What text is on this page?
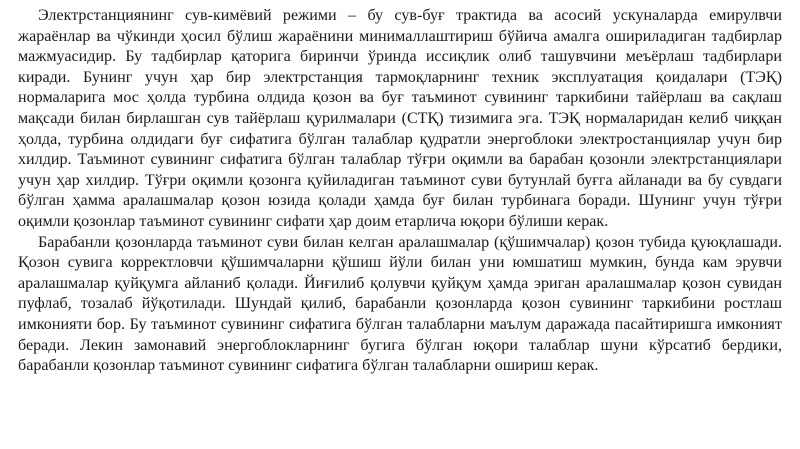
Электрстанциянинг сув-кимёвий режими – бу сув-буғ трактида ва асосий ускуналарда емирулвчи жараёнлар ва чўкинди ҳосил бўлиш жараёнини минималлаштириш бўйича амалга ошириладиган тадбирлар мажмуасидир. Бу тадбирлар қаторига биринчи ўринда иссиқлик олиб ташувчини меъёрлаш тадбирлари киради. Бунинг учун ҳар бир электрстанция тармоқларнинг техник эксплуатация қоидалари (ТЭҚ) нормаларига мос ҳолда турбина олдида қозон ва буғ таъминот сувининг таркибини тайёрлаш ва сақлаш мақсади билан бирлашган сув тайёрлаш қурилмалари (СТҚ) тизимига эга. ТЭҚ нормаларидан келиб чиққан ҳолда, турбина олдидаги буғ сифатига бўлган талаблар қудратли энергоблоки электростанциялар учун бир хилдир. Таъминот сувининг сифатига бўлган талаблар тўғри оқимли ва барабан қозонли электрстанциялари учун ҳар хилдир. Тўғри оқимли қозонга қуйиладиган таъминот суви бутунлай буғга айланади ва бу сувдаги бўлган ҳамма аралашмалар қозон юзида қолади ҳамда буғ билан турбинага боради. Шунинг учун тўғри оқимли қозонлар таъминот сувининг сифати ҳар доим етарлича юқори бўлиши керак.

Барабанли қозонларда таъминот суви билан келган аралашмалар (қўшимчалар) қозон тубида қуюқлашади. Қозон сувига корректловчи қўшимчаларни қўшиш йўли билан уни юмшатиш мумкин, бунда кам эрувчи аралашмалар қуйқумга айланиб қолади. Йиғилиб қолувчи қуйқум ҳамда эриган аралашмалар қозон сувидан пуфлаб, тозалаб йўқотилади. Шундай қилиб, барабанли қозонларда қозон сувининг таркибини ростлаш имконияти бор. Бу таъминот сувининг сифатига бўлган талабларни маълум даражада пасайтиришга имконият беради. Лекин замонавий энергоблокларнинг бугига бўлган юқори талаблар шуни кўрсатиб бердики, барабанли қозонлар таъминот сувининг сифатига бўлган талабларни ошириш керак.
